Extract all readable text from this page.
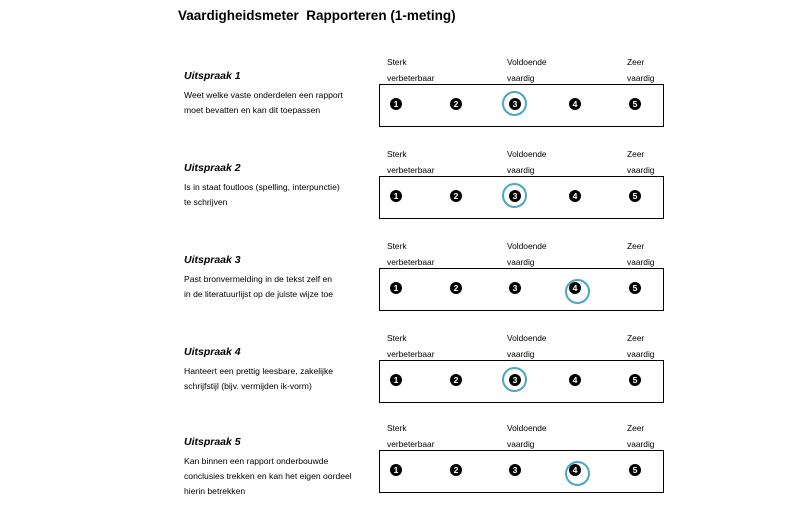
Vaardigheidsmeter  Rapporteren (1-meting)
Uitspraak 1
Weet welke vaste onderdelen een rapport
moet bevatten en kan dit toepassen
Sterk
verbeterbaar
Voldoende
vaardig
Zeer
vaardig
1	2	3	4	5
Uitspraak 2
Is in staat foutloos (spelling, interpunctie)
te schrijven
Sterk
verbeterbaar
Voldoende
vaardig
Zeer
vaardig
1	2	3	4	5
Uitspraak 3
Past bronvermelding in de tekst zelf en
in de literatuurlijst op de juiste wijze toe
Sterk
verbeterbaar
Voldoende
vaardig
Zeer
vaardig
1	2	3	4	5
Uitspraak 4
Hanteert een prettig leesbare, zakelijke
schrijfstijl (bijv. vermijden ik-vorm)
Sterk
verbeterbaar
Voldoende
vaardig
Zeer
vaardig
1	2	3	4	5
Uitspraak 5
Kan binnen een rapport onderbouwde
conclusies trekken en kan het eigen oordeel
hierin betrekken
Sterk
verbeterbaar
Voldoende
vaardig
Zeer
vaardig
1	2	3	4	5
